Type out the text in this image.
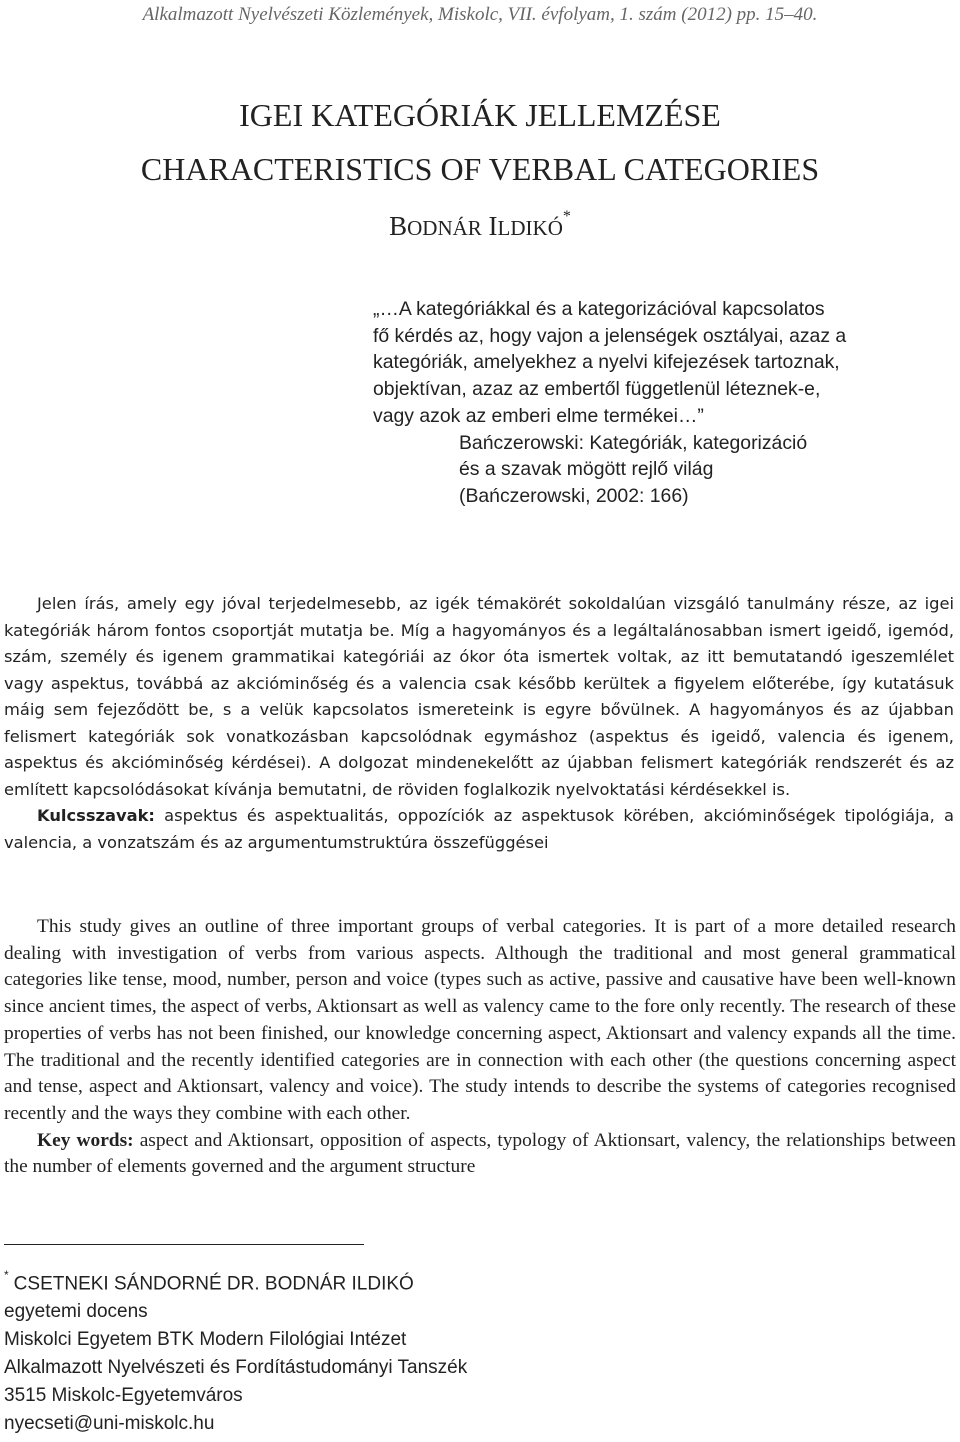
Alkalmazott Nyelvészeti Közlemények, Miskolc, VII. évfolyam, 1. szám (2012) pp. 15–40.
IGEI KATEGÓRIÁK JELLEMZÉSE
CHARACTERISTICS OF VERBAL CATEGORIES
BODNÁR ILDIKÓ*

„…A kategóriákkal és a kategorizációval kapcsolatos
fő kérdés az, hogy vajon a jelenségek osztályai, azaz a
kategóriák, amelyekhez a nyelvi kifejezések tartoznak,
objektívan, azaz az embertől függetlenül léteznek-e,
vagy azok az emberi elme termékei…”

Bańczerowski: Kategóriák, kategorizáció
és a szavak mögött rejlő világ
(Bańczerowski, 2002: 166)

Jelen írás, amely egy jóval terjedelmesebb, az igék témakörét sokoldalúan vizsgáló tanulmány része, az igei kategóriák három fontos csoportját mutatja be. Míg a hagyományos és a legáltalánosabban ismert igeidő, igemód, szám, személy és igenem grammatikai kategóriái az ókor óta ismertek voltak, az itt bemutatandó igeszemlélet vagy aspektus, továbbá az akcióminőség és a valencia csak később kerültek a figyelem előterébe, így kutatásuk máig sem fejeződött be, s a velük kapcsolatos ismereteink is egyre bővülnek. A hagyományos és az újabban felismert kategóriák sok vonatkozásban kapcsolódnak egymáshoz (aspektus és igeidő, valencia és igenem, aspektus és akcióminőség kérdései). A dolgozat mindenekelőtt az újabban felismert kategóriák rendszerét és az említett kapcsolódásokat kívánja bemutatni, de röviden foglalkozik nyelvoktatási kérdésekkel is.

Kulcsszavak: aspektus és aspektualitás, oppozíciók az aspektusok körében, akcióminőségek tipológiája, a valencia, a vonzatszám és az argumentumstruktúra összefüggései

This study gives an outline of three important groups of verbal categories. It is part of a more detailed research dealing with investigation of verbs from various aspects. Although the traditional and most general grammatical categories like tense, mood, number, person and voice (types such as active, passive and causative have been well-known since ancient times, the aspect of verbs, Aktionsart as well as valency came to the fore only recently. The research of these properties of verbs has not been finished, our knowledge concerning aspect, Aktionsart and valency expands all the time. The traditional and the recently identified categories are in connection with each other (the questions concerning aspect and tense, aspect and Aktionsart, valency and voice). The study intends to describe the systems of categories recognised recently and the ways they combine with each other.

Key words: aspect and Aktionsart, opposition of aspects, typology of Aktionsart, valency, the relationships between the number of elements governed and the argument structure

* CSETNEKI SÁNDORNÉ DR. BODNÁR ILDIKÓ
egyetemi docens
Miskolci Egyetem BTK Modern Filológiai Intézet
Alkalmazott Nyelvészeti és Fordítástudományi Tanszék
3515 Miskolc-Egyetemváros
nyecseti@uni-miskolc.hu
